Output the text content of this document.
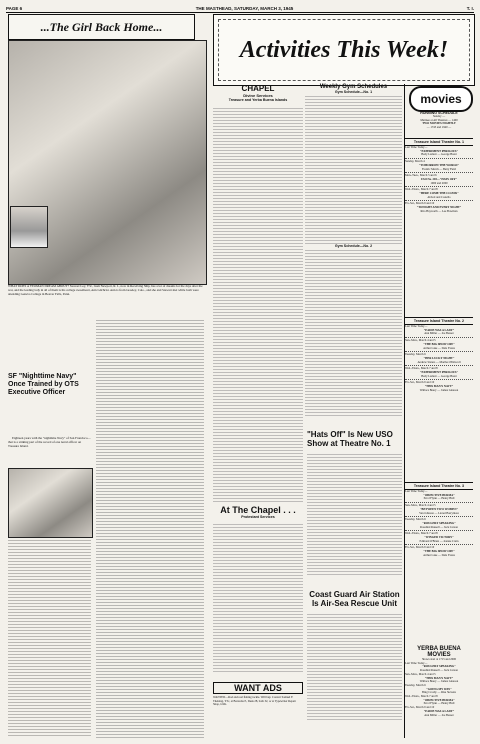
PAGE 6	THE MASTHEAD, SATURDAY, MARCH 3, 1945	T. I.
...The Girl Back Home...
WHAT DOES A YEOMAN DREAM ABOUT? Stewart Loy, Y3c, from Newport, R. I., now in Receiving Ship, has a lot of dreams for the days after the war, and the leading lady in all of them is his college sweetheart, Ann Gilchrist. Ann is from Greeley, Colo., and she and Stewart met while both were attending Geneva College in Beaver Falls, Penn.
SF "Nighttime Navy" Once Trained by OTS Executive Officer

Eighteen years with the "nighttime Navy" of San Francisco—that is a striking part of the record of one naval officer on Treasure Island.

Activities This Week!
CHAPEL
Divine Services
Treasure and Yerba Buena Islands
Weekly Gym Schedules
Gym Schedule—No. 1
Gym Schedule—No. 2
"Hats Off" Is New USO Show at Theatre No. 1
Coast Guard Air Station Is Air-Sea Rescue Unit
At The Chapel . . .
Protestant Services
WANT ADS
WANTED—Rod and reel fishing tackle. Will buy. Contact Samuel F. Theising, Y3c, at Barracks E, Desk 28, both 32, or at Typewriter Repair Shop, GSK.
movies
RUNNING SCHEDULE
Sunday —
Matinee at All Theatres — 1400
TWO MOVIES NIGHTLY
— 1745 and 1940 —
Treasure Island Theatre No. 1
Last Time Today—
"EXPERIMENT PERILOUS"
Hedy Lamarr — George Brent
Sunday, March 4
"TOMORROW THE WORLD"
Fredric March — Betty Field
Mon.-Tues., March 5 and 6
USO No. 203—"HATS OFF"
1900 and 2000
Wed.-Thurs., March 7 and 8
"HERE COME THE CO-EDS"
Abbott and Costello
Fri.-Sat., March 9 and 10
"TONIGHT AND EVERY NIGHT"
Rita Hayworth — Lee Bowman
Treasure Island Theatre No. 2
Last Time Today—
"EADIE WAS A LADY"
Ann Miller — Joe Besser
Sun.-Mon., March 4 and 5
"THE BIG SHOW OFF"
Arthur Lake — Dale Evans
Tuesday, March 6
"HER LUCKY NIGHT"
Andrew Sisters — Martha O'Driscoll
Wed.-Thurs., March 7 and 8
"EXPERIMENT PERILOUS"
Hedy Lamarr — George Brent
Fri.-Sat., March 9 and 10
"THIS MAN'S NAVY"
Wallace Beery — James Gleason
Treasure Island Theatre No. 3
Last Time Today—
"OBJECTIVE BURMA"
Errol Flynn — Henry Hull
Sun.-Mon., March 4 and 5
"BETWEEN TWO WOMEN"
Van Johnson — Lionel Barrymore
Tuesday, March 6
"ROUGHLY SPEAKING"
Rosalind Russell — Jack Carson
Wed.-Thurs., March 7 and 8
"WINGED VICTORY"
Edmond O'Brien — Jeanne Crain
Fri.-Sat., March 9 and 10
"THE BIG SHOW OFF"
Arthur Lake — Dale Evans
YERBA BUENA MOVIES
Shows start at 1715 and 2000
Last Time Today—
"ROUGHLY SPEAKING"
Rosalind Russell — Jack Carson
Sun.-Mon., March 4 and 5
"THIS MAN'S NAVY"
Wallace Beery — James Gleason
Tuesday, March 6
"GOING MY WAY"
Bing Crosby — Rise Stevens
Wed.-Thurs., March 7 and 8
"OBJECTIVE BURMA"
Errol Flynn — Henry Hull
Fri.-Sat., March 9 and 10
"EADIE WAS A LADY"
Ann Miller — Joe Besser
